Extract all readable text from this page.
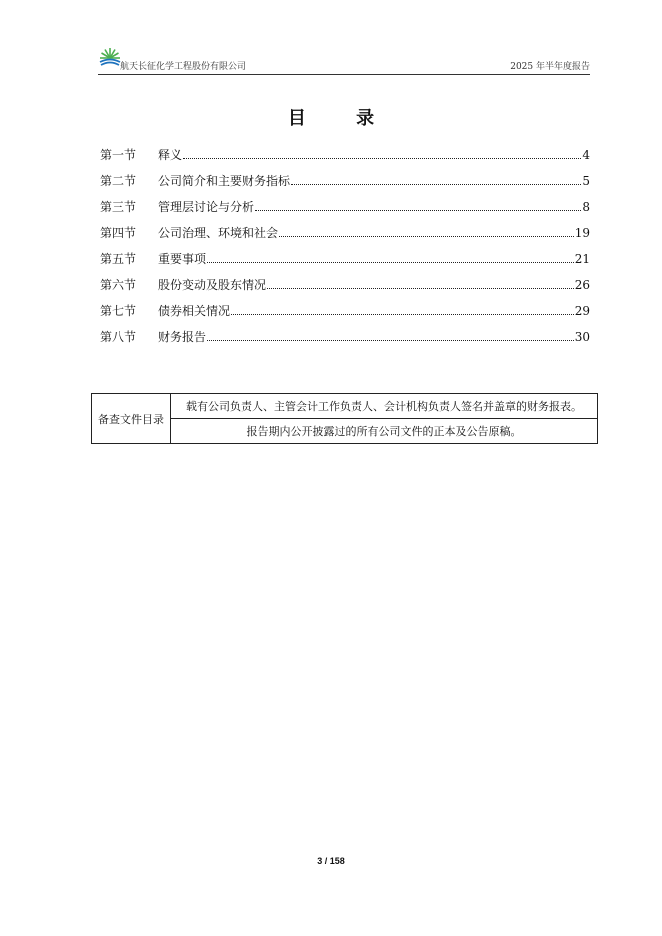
航天长征化学工程股份有限公司	2025 年半年度报告
目 录
第一节	释义	4
第二节	公司简介和主要财务指标	5
第三节	管理层讨论与分析	8
第四节	公司治理、环境和社会	19
第五节	重要事项	21
第六节	股份变动及股东情况	26
第七节	债券相关情况	29
第八节	财务报告	30
备查文件目录	载有公司负责人、主管会计工作负责人、会计机构负责人签名并盖章的财务报表。
报告期内公开披露过的所有公司文件的正本及公告原稿。
3 / 158
